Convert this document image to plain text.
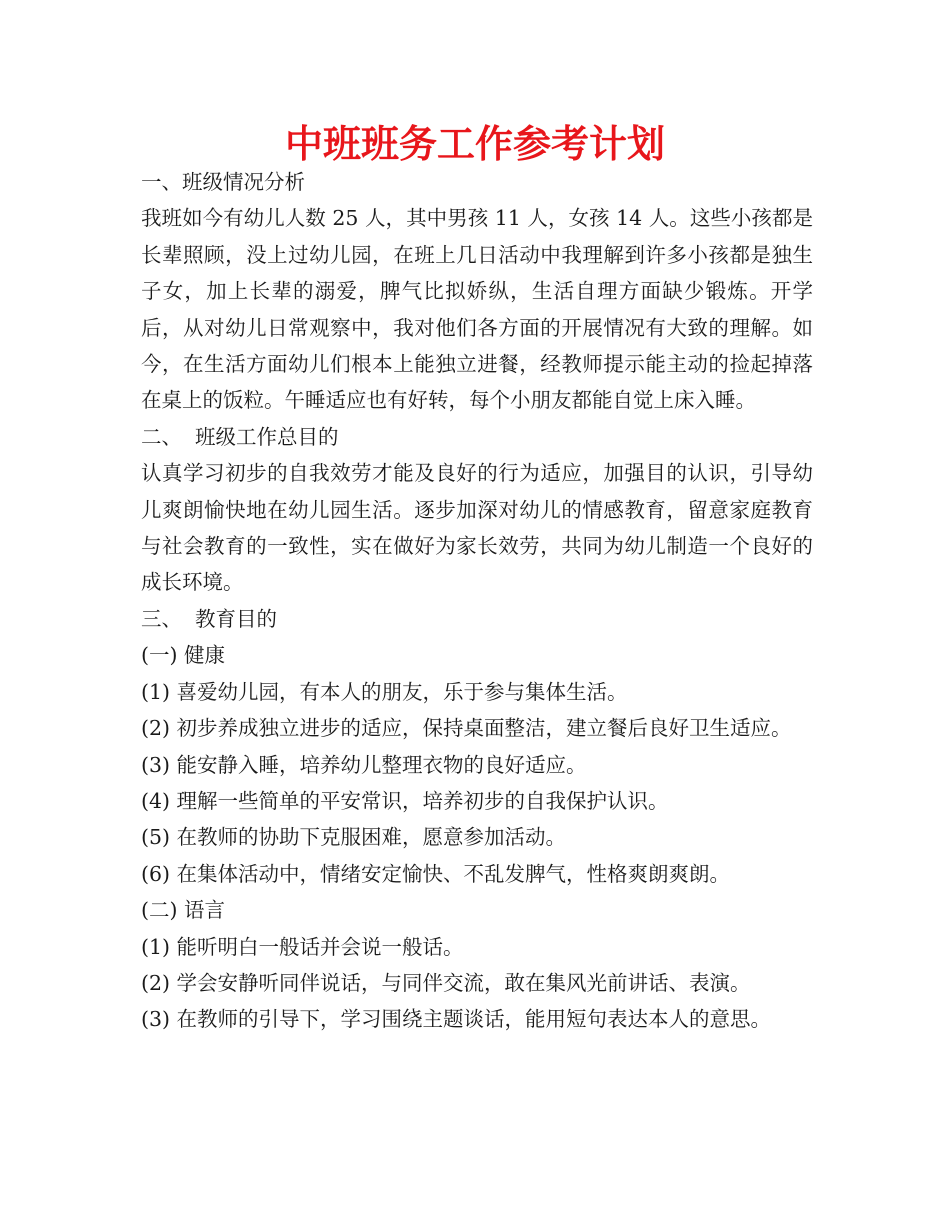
中班班务工作参考计划

一、班级情况分析

我班如今有幼儿人数 25 人，其中男孩 11 人，女孩 14 人。这些小孩都是长辈照顾，没上过幼儿园，在班上几日活动中我理解到许多小孩都是独生子女，加上长辈的溺爱，脾气比拟娇纵，生活自理方面缺少锻炼。开学后，从对幼儿日常观察中，我对他们各方面的开展情况有大致的理解。如今，在生活方面幼儿们根本上能独立进餐，经教师提示能主动的捡起掉落在桌上的饭粒。午睡适应也有好转，每个小朋友都能自觉上床入睡。

二、  班级工作总目的

认真学习初步的自我效劳才能及良好的行为适应，加强目的认识，引导幼儿爽朗愉快地在幼儿园生活。逐步加深对幼儿的情感教育，留意家庭教育与社会教育的一致性，实在做好为家长效劳，共同为幼儿制造一个良好的成长环境。

三、  教育目的

(一) 健康

(1) 喜爱幼儿园，有本人的朋友，乐于参与集体生活。

(2) 初步养成独立进步的适应，保持桌面整洁，建立餐后良好卫生适应。

(3) 能安静入睡，培养幼儿整理衣物的良好适应。

(4) 理解一些简单的平安常识，培养初步的自我保护认识。

(5) 在教师的协助下克服困难，愿意参加活动。

(6) 在集体活动中，情绪安定愉快、不乱发脾气，性格爽朗爽朗。

(二) 语言

(1) 能听明白一般话并会说一般话。

(2) 学会安静听同伴说话，与同伴交流，敢在集风光前讲话、表演。

(3) 在教师的引导下，学习围绕主题谈话，能用短句表达本人的意思。
